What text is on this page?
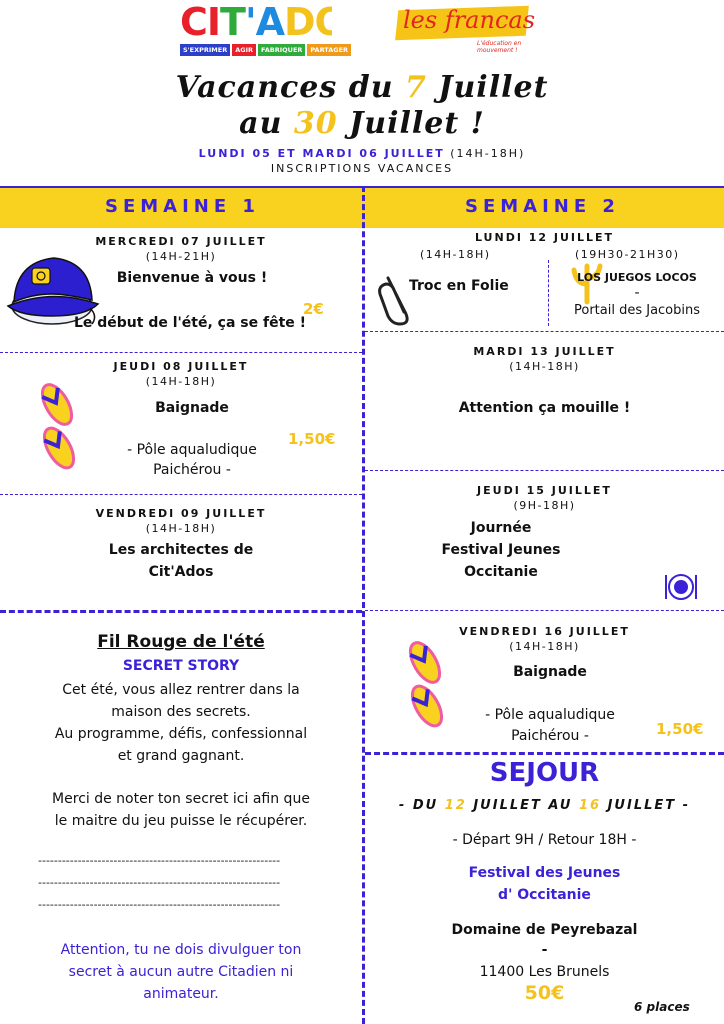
CIT'ADOS
S'EXPRIMER	AGIR	FABRIQUER	PARTAGER
les francas
L'éducation en mouvement !
Vacances du 7 Juillet
au 30 Juillet !
LUNDI 05 ET MARDI 06 JUILLET (14H-18H)
INSCRIPTIONS VACANCES
SEMAINE 1	SEMAINE 2
MERCREDI 07 JUILLET
(14H-21H)
Bienvenue à vous !
Le début de l'été, ça se fête !
2€
JEUDI 08 JUILLET
(14H-18H)
Baignade
- Pôle aqualudique
Paichérou -
1,50€
VENDREDI 09 JUILLET
(14H-18H)
Les architectes de
Cit'Ados
LUNDI 12 JUILLET
(14H-18H)	(19H30-21H30)
Troc en Folie
LOS JUEGOS LOCOS
-
Portail des Jacobins
MARDI 13 JUILLET
(14H-18H)
Attention ça mouille !
JEUDI 15 JUILLET
(9H-18H)
Journée
Festival Jeunes
Occitanie
VENDREDI 16 JUILLET
(14H-18H)
Baignade
- Pôle aqualudique
Paichérou -	1,50€
Fil Rouge de l'été
SECRET STORY
Cet été, vous allez rentrer dans la
maison des secrets.
Au programme, défis, confessionnal
et grand gagnant.
Merci de noter ton secret ici afin que
le maitre du jeu puisse le récupérer.
-------------------------------------------------------------
-------------------------------------------------------------
-------------------------------------------------------------
Attention, tu ne dois divulguer ton
secret à aucun autre Citadien ni
animateur.
SEJOUR
- DU 12 JUILLET AU 16 JUILLET -
- Départ 9H / Retour 18H -
Festival des Jeunes
d' Occitanie
Domaine de Peyrebazal
-
11400 Les Brunels
50€
6 places
